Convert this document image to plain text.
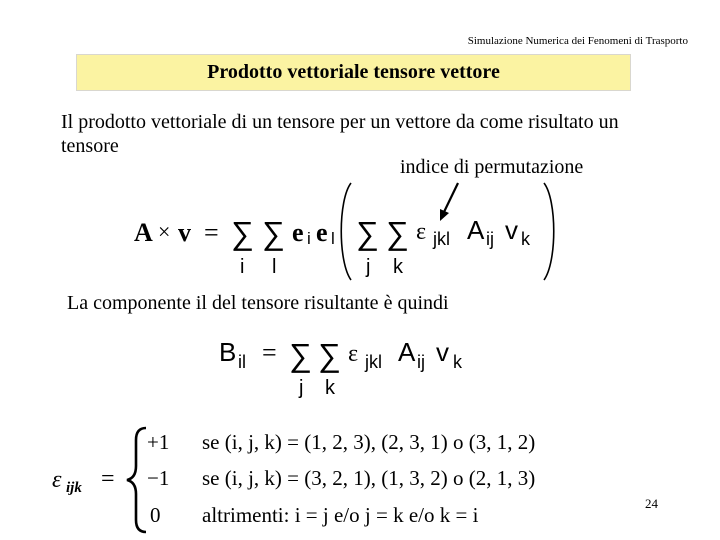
Simulazione Numerica dei Fenomeni di Trasporto
Prodotto vettoriale tensore vettore
Il prodotto vettoriale di un tensore per un vettore da come risultato un tensore
indice di permutazione
A × v = ∑ ∑
i l
e i e l ∑ ∑
j k
ε jkl A ij v k
La componente il del tensore risultante è quindi
B il = ∑ ∑
j k
ε jkl A ij v k
ε ijk =
+1 se (i, j, k) = (1, 2, 3), (2, 3, 1) o (3, 1, 2)
−1 se (i, j, k) = (3, 2, 1), (1, 3, 2) o (2, 1, 3)
0 altrimenti: i = j e/o j = k e/o k = i	24
